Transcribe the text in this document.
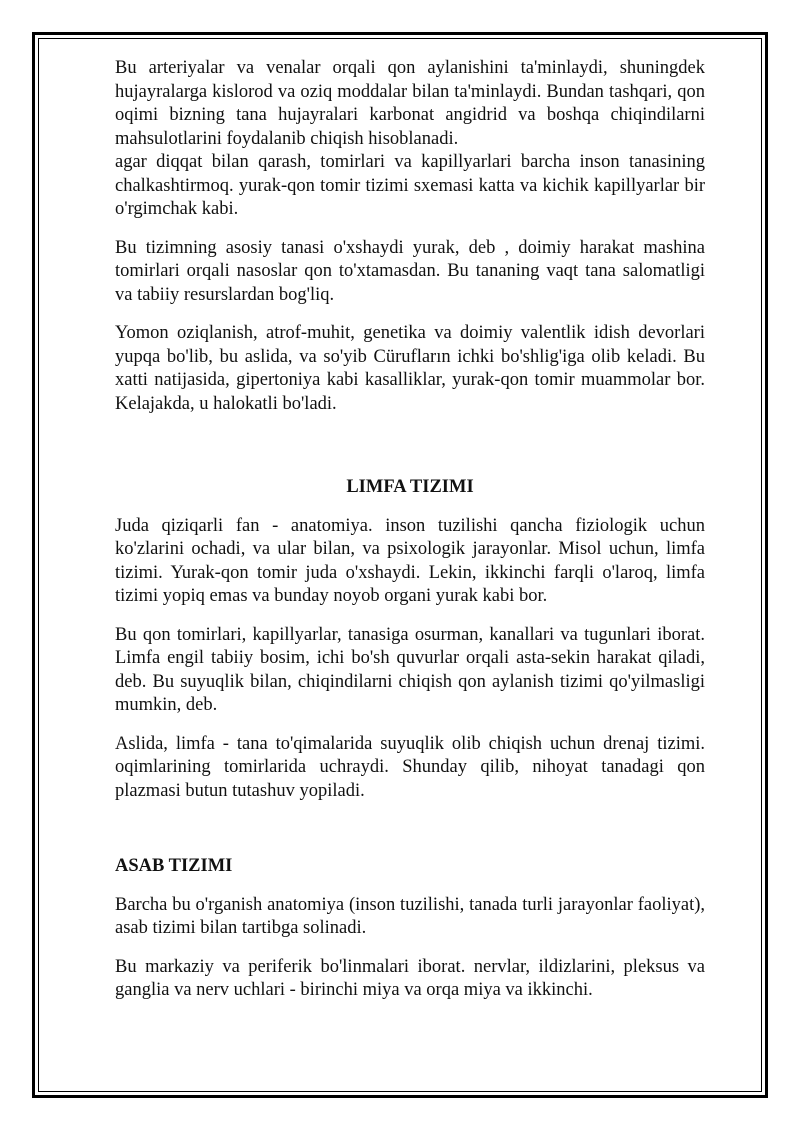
Bu arteriyalar va venalar orqali qon aylanishini ta'minlaydi, shuningdek hujayralarga kislorod va oziq moddalar bilan ta'minlaydi. Bundan tashqari, qon oqimi bizning tana hujayralari karbonat angidrid va boshqa chiqindilarni mahsulotlarini foydalanib chiqish hisoblanadi.

agar diqqat bilan qarash, tomirlari va kapillyarlari barcha inson tanasining chalkashtirmoq. yurak-qon tomir tizimi sxemasi katta va kichik kapillyarlar bir o'rgimchak kabi.

Bu tizimning asosiy tanasi o'xshaydi yurak, deb , doimiy harakat mashina tomirlari orqali nasoslar qon to'xtamasdan. Bu tananing vaqt tana salomatligi va tabiiy resurslardan bog'liq.

Yomon oziqlanish, atrof-muhit, genetika va doimiy valentlik idish devorlari yupqa bo'lib, bu aslida, va so'yib Cürufların ichki bo'shlig'iga olib keladi. Bu xatti natijasida, gipertoniya kabi kasalliklar, yurak-qon tomir muammolar bor. Kelajakda, u halokatli bo'ladi.

LIMFA TIZIMI

Juda qiziqarli fan - anatomiya. inson tuzilishi qancha fiziologik uchun ko'zlarini ochadi, va ular bilan, va psixologik jarayonlar. Misol uchun, limfa tizimi. Yurak-qon tomir juda o'xshaydi. Lekin, ikkinchi farqli o'laroq, limfa tizimi yopiq emas va bunday noyob organi yurak kabi bor.

Bu qon tomirlari, kapillyarlar, tanasiga osurman, kanallari va tugunlari iborat. Limfa engil tabiiy bosim, ichi bo'sh quvurlar orqali asta-sekin harakat qiladi, deb. Bu suyuqlik bilan, chiqindilarni chiqish qon aylanish tizimi qo'yilmasligi mumkin, deb.

Aslida, limfa - tana to'qimalarida suyuqlik olib chiqish uchun drenaj tizimi. oqimlarining tomirlarida uchraydi. Shunday qilib, nihoyat tanadagi qon plazmasi butun tutashuv yopiladi.

ASAB TIZIMI

Barcha bu o'rganish anatomiya (inson tuzilishi, tanada turli jarayonlar faoliyat), asab tizimi bilan tartibga solinadi.

Bu markaziy va periferik bo'linmalari iborat. nervlar, ildizlarini, pleksus va ganglia va nerv uchlari - birinchi miya va orqa miya va ikkinchi.
